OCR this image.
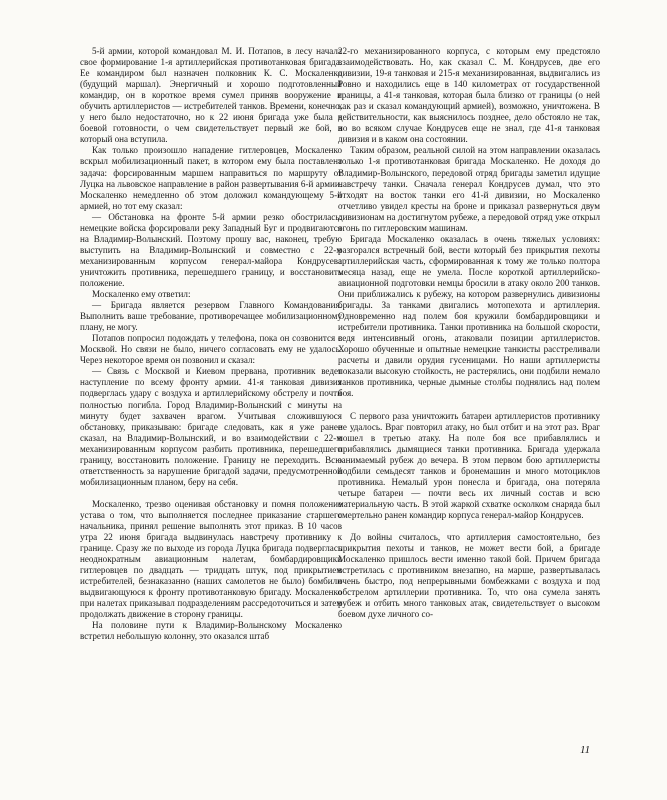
5-й армии, которой командовал М. И. Потапов, в лесу начала свое формирование 1-я артиллерийская противотанковая бригада. Ее командиром был назначен полковник К. С. Москаленко (будущий маршал). Энергичный и хорошо подготовленный командир, он в короткое время сумел приняв вооружение и обучить артиллеристов — истребителей танков. Времени, конечно, у него было недостаточно, но к 22 июня бригада уже была в боевой готовности, о чем свидетельствует первый же бой, в который она вступила.

Как только произошло нападение гитлеровцев, Москаленко вскрыл мобилизационный пакет, в котором ему была поставлена задача: форсированным маршем направиться по маршруту от Луцка на львовское направление в район развертывания 6-й армии. Москаленко немедленно об этом доложил командующему 5-й армией, но тот ему сказал:

— Обстановка на фронте 5-й армии резко обострилась: немецкие войска форсировали реку Западный Буг и продвигаются на Владимир-Волынский. Поэтому прошу вас, наконец, требую выступить на Владимир-Волынский и совместно с 22-м механизированным корпусом генерал-майора Кондрусева уничтожить противника, перешедшего границу, и восстановить положение.

Москаленко ему ответил:

— Бригада является резервом Главного Командования. Выполнить ваше требование, противоречащее мобилизационному плану, не могу.

Потапов попросил подождать у телефона, пока он созвонится с Москвой. Но связи не было, ничего согласовать ему не удалось. Через некоторое время он позвонил и сказал:

— Связь с Москвой и Киевом прервана, противник ведет наступление по всему фронту армии. 41-я танковая дивизия подверглась удару с воздуха и артиллерийскому обстрелу и почти полностью погибла. Город Владимир-Волынский с минуты на минуту будет захвачен врагом. Учитывая сложившуюся обстановку, приказываю: бригаде следовать, как я уже ранее сказал, на Владимир-Волынский, и во взаимодействии с 22-м механизированным корпусом разбить противника, перешедшего границу, восстановить положение. Границу не переходить. Всю ответственность за нарушение бригадой задачи, предусмотренной мобилизационным планом, беру на себя.

Москаленко, трезво оценивая обстановку и помня положение устава о том, что выполняется последнее приказание старшего начальника, принял решение выполнять этот приказ. В 10 часов утра 22 июня бригада выдвинулась навстречу противнику к границе. Сразу же по выходе из города Луцка бригада подверглась неоднократным авиационным налетам, бомбардировщики гитлеровцев по двадцать — тридцать штук, под прикрытием истребителей, безнаказанно (наших самолетов не было) бомбили выдвигающуюся к фронту противотанковую бригаду. Москаленко при налетах приказывал подразделениям рассредоточиться и затем продолжать движение в сторону границы.

На половине пути к Владимир-Волынскому Москаленко встретил небольшую колонну, это оказался штаб

22-го механизированного корпуса, с которым ему предстояло взаимодействовать. Но, как сказал С. М. Кондрусев, две его дивизии, 19-я танковая и 215-я механизированная, выдвигались из Ровно и находились еще в 140 километрах от государственной границы, а 41-я танковая, которая была близко от границы (о ней как раз и сказал командующий армией), возможно, уничтожена. В действительности, как выяснилось позднее, дело обстояло не так, но во всяком случае Кондрусев еще не знал, где 41-я танковая дивизия и в каком она состоянии.

Таким образом, реальной силой на этом направлении оказалась только 1-я противотанковая бригада Москаленко. Не доходя до Владимир-Волынского, передовой отряд бригады заметил идущие навстречу танки. Сначала генерал Кондрусев думал, что это отходят на восток танки его 41-й дивизии, но Москаленко отчетливо увидел кресты на броне и приказал развернуться двум дивизионам на достигнутом рубеже, а передовой отряд уже открыл огонь по гитлеровским машинам.

Бригада Москаленко оказалась в очень тяжелых условиях: разгорался встречный бой, вести который без прикрытия пехоты артиллерийская часть, сформированная к тому же только полтора месяца назад, еще не умела. После короткой артиллерийско-авиационной подготовки немцы бросили в атаку около 200 танков. Они приближались к рубежу, на котором развернулись дивизионы бригады. За танками двигались мотопехота и артиллерия. Одновременно над полем боя кружили бомбардировщики и истребители противника. Танки противника на большой скорости, ведя интенсивный огонь, атаковали позиции артиллеристов. Хорошо обученные и опытные немецкие танкисты расстреливали расчеты и давили орудия гусеницами. Но наши артиллеристы показали высокую стойкость, не растерялись, они подбили немало танков противника, черные дымные столбы поднялись над полем боя.

С первого раза уничтожить батареи артиллеристов противнику не удалось. Враг повторил атаку, но был отбит и на этот раз. Враг пошел в третью атаку. На поле боя все прибавлялись и прибавлялись дымящиеся танки противника. Бригада удержала занимаемый рубеж до вечера. В этом первом бою артиллеристы подбили семьдесят танков и бронемашин и много мотоциклов противника. Немалый урон понесла и бригада, она потеряла четыре батареи — почти весь их личный состав и всю материальную часть. В этой жаркой схватке осколком снаряда был смертельно ранен командир корпуса генерал-майор Кондрусев.

До войны считалось, что артиллерия самостоятельно, без прикрытия пехоты и танков, не может вести бой, а бригаде Москаленко пришлось вести именно такой бой. Причем бригада встретилась с противником внезапно, на марше, развертывалась очень быстро, под непрерывными бомбежками с воздуха и под обстрелом артиллерии противника. То, что она сумела занять рубеж и отбить много танковых атак, свидетельствует о высоком боевом духе личного со-

11
